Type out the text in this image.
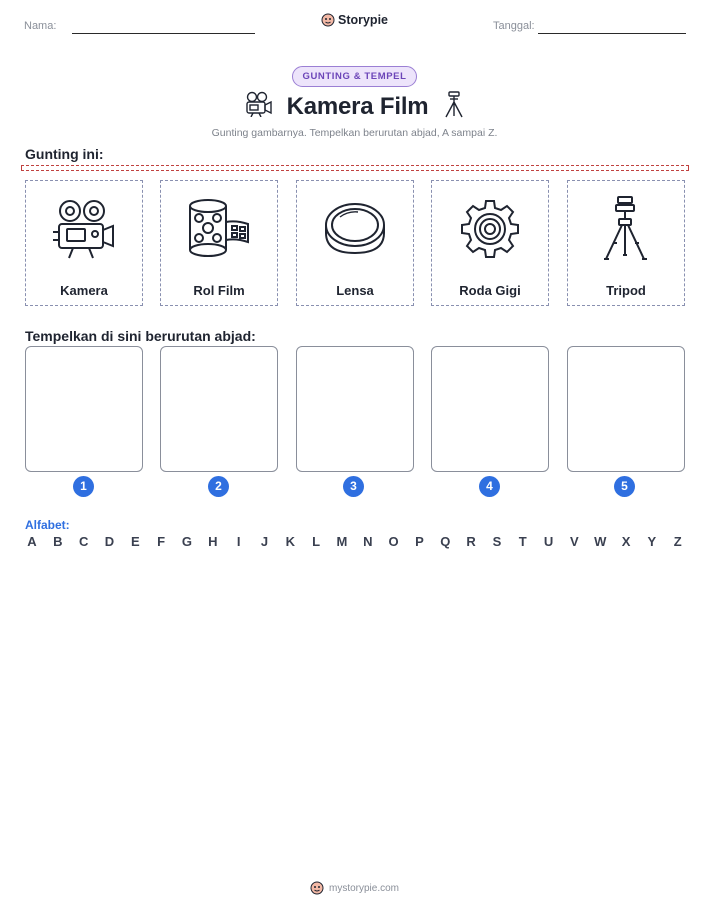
Nama:	Storypie	Tanggal:
GUNTING & TEMPEL
Kamera Film
Gunting gambarnya. Tempelkan berurutan abjad, A sampai Z.
Gunting ini:
Kamera	Rol Film	Lensa	Roda Gigi	Tripod
Tempelkan di sini berurutan abjad:
1	2	3	4	5
Alfabet:
A B C D E F G H	I	J K L M N O P Q R S T U V W X Y Z
mystorypie.com
